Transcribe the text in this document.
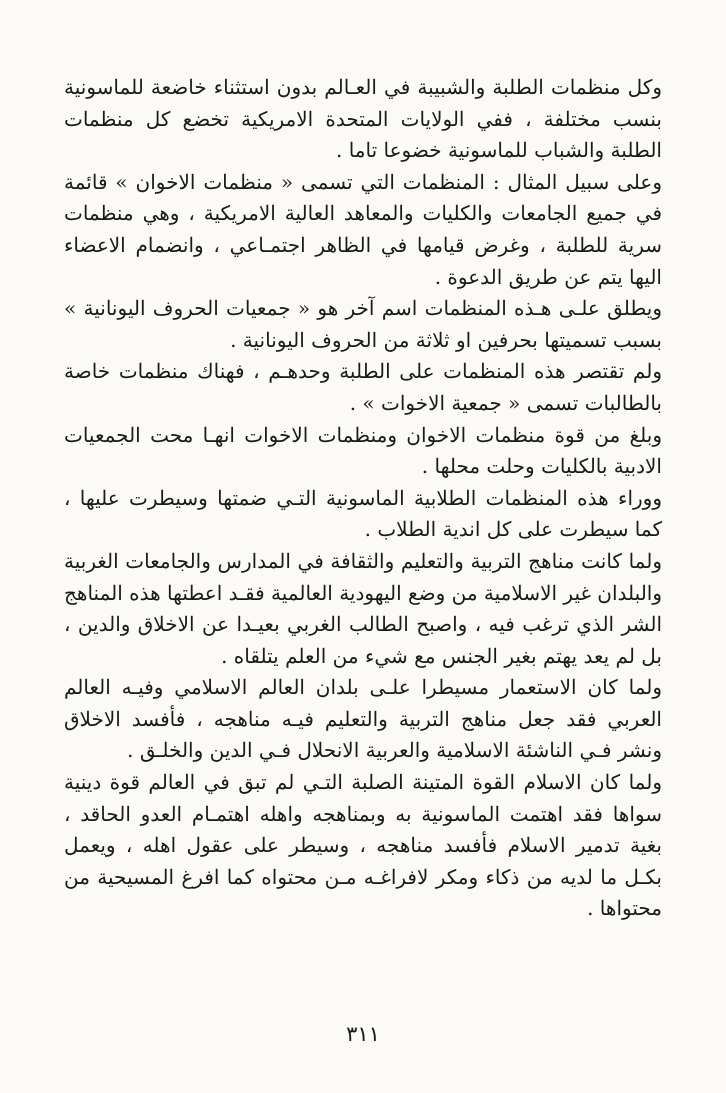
وكل منظمات الطلبة والشبيبة في العـالم بدون استثناء خاضعة للماسونية بنسب مختلفة ، ففي الولايات المتحدة الامريكية تخضع كل منظمات الطلبة والشباب للماسونية خضوعا تاما .

وعلى سبيل المثال : المنظمات التي تسمى « منظمات الاخوان » قائمة في جميع الجامعات والكليات والمعاهد العالية الامريكية ، وهي منظمات سرية للطلبة ، وغرض قيامها في الظاهر اجتمـاعي ، وانضمام الاعضاء اليها يتم عن طريق الدعوة .

ويطلق علـى هـذه المنظمات اسم آخر هو « جمعيات الحروف اليونانية » بسبب تسميتها بحرفين او ثلاثة من الحروف اليونانية .

ولم تقتصر هذه المنظمات على الطلبة وحدهـم ، فهناك منظمات خاصة بالطالبات تسمى « جمعية الاخوات » .

وبلغ من قوة منظمات الاخوان ومنظمات الاخوات انهـا محت الجمعيات الادبية بالكليات وحلت محلها .

ووراء هذه المنظمات الطلابية الماسونية التـي ضمتها وسيطرت عليها ، كما سيطرت على كل اندية الطلاب .

ولما كانت مناهج التربية والتعليم والثقافة في المدارس والجامعات الغربية والبلدان غير الاسلامية من وضع اليهودية العالمية فقـد اعطتها هذه المناهج الشر الذي ترغب فيه ، واصبح الطالب الغربي بعيـدا عن الاخلاق والدين ، بل لم يعد يهتم بغير الجنس مع شيء من العلم يتلقاه .

ولما كان الاستعمار مسيطرا علـى بلدان العالم الاسلامي وفيـه العالم العربي فقد جعل مناهج التربية والتعليم فيـه مناهجه ، فأفسد الاخلاق ونشر فـي الناشئة الاسلامية والعربية الانحلال فـي الدين والخلـق .

ولما كان الاسلام القوة المتينة الصلبة التـي لم تبق في العالم قوة دينية سواها فقد اهتمت الماسونية به وبمناهجه واهله اهتمـام العدو الحاقد ، بغية تدمير الاسلام فأفسد مناهجه ، وسيطر على عقول اهله ، ويعمل بكـل ما لديه من ذكاء ومكر لافراغـه مـن محتواه كما افرغ المسيحية من محتواها .

٣١١
